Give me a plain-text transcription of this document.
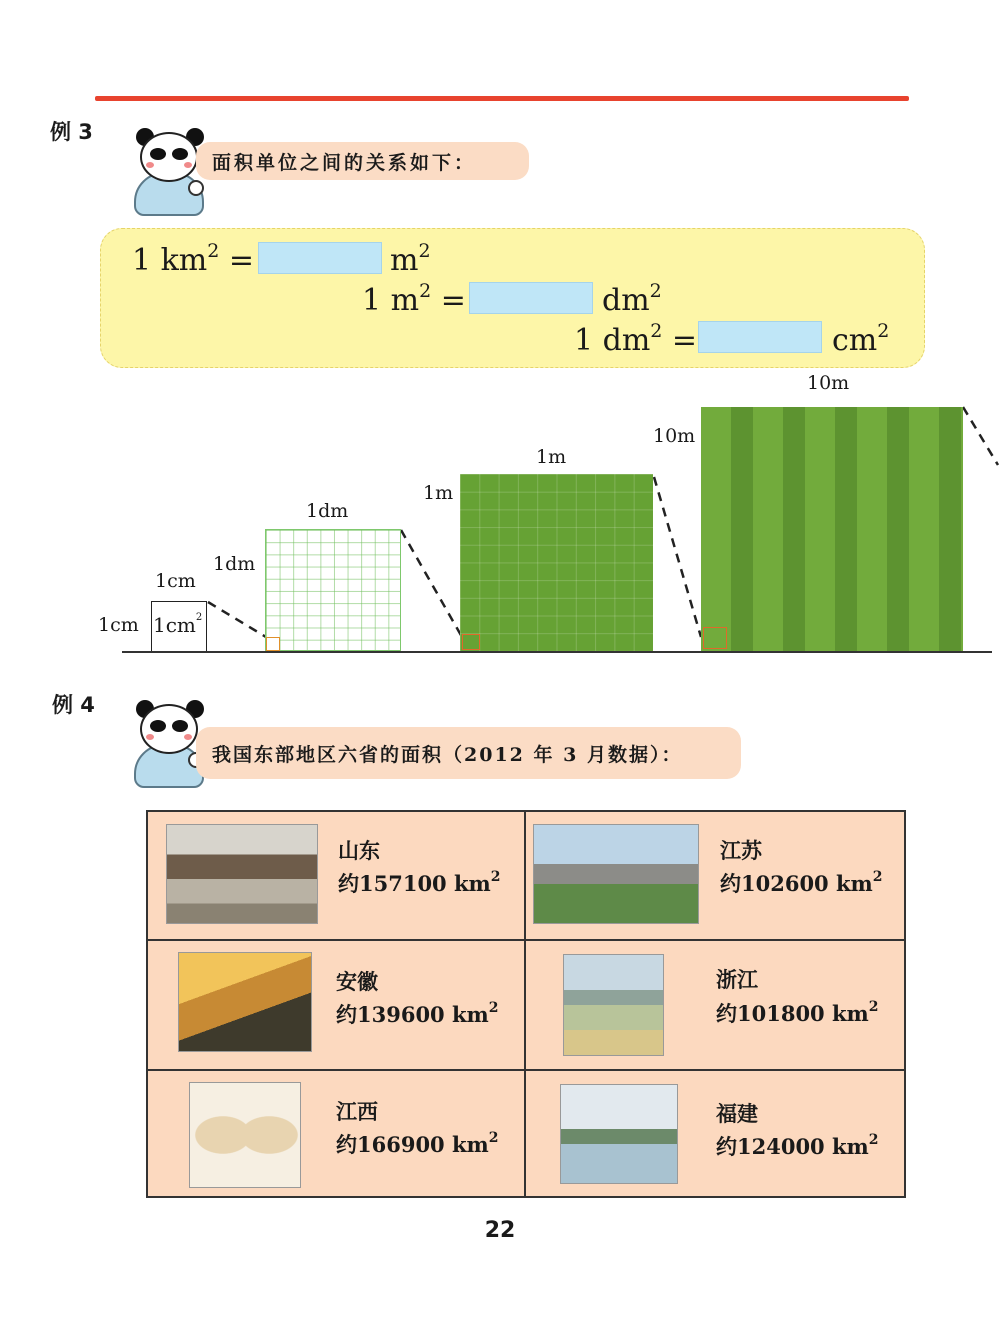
例 3
面积单位之间的关系如下：
1 $km^2$ =	$m^2$
1 $m^2$ =	$dm^2$
1 $dm^2$ =	$cm^2$
$1cm^2$
1cm
1cm
1dm
1dm
1m
1m
10m
10m
例 4
我国东部地区六省的面积（2012 年 3 月数据）：
山东
约157100 $km^2$
江苏
约102600 $km^2$
安徽
约139600 $km^2$
浙江
约101800 $km^2$
江西
约166900 $km^2$
福建
约124000 $km^2$
22
